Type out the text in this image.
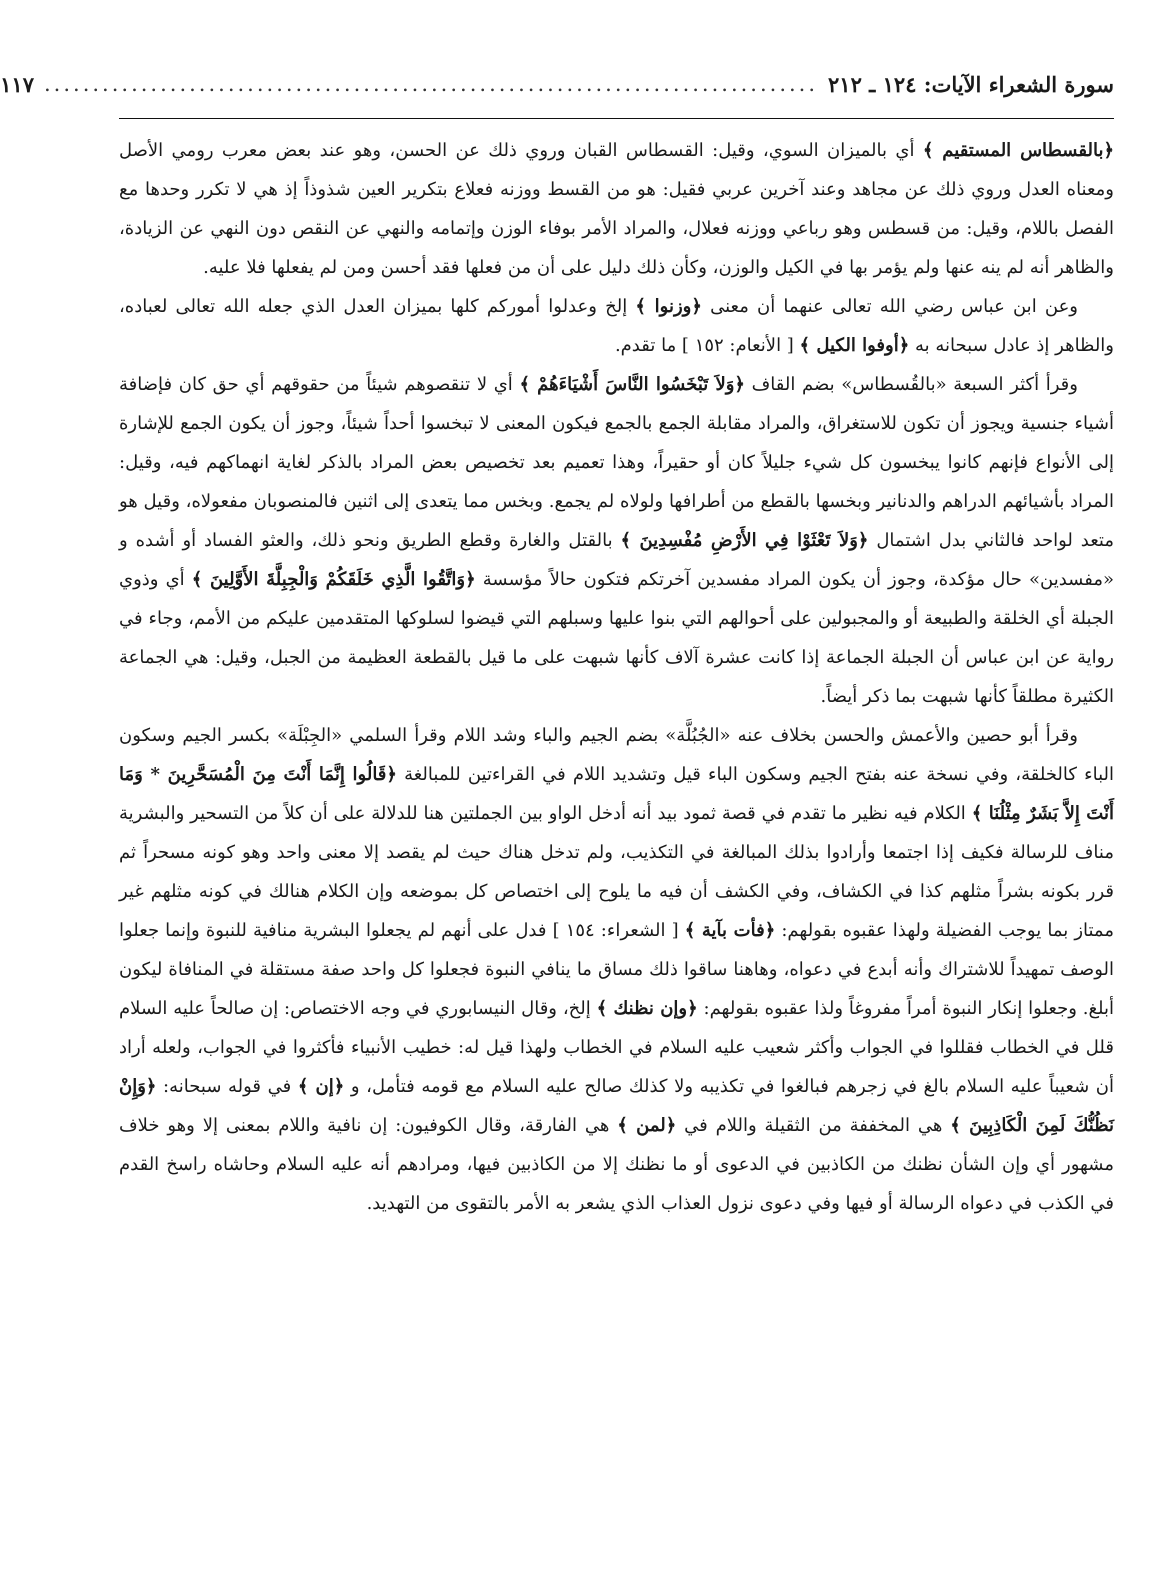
سورة الشعراء الآيات: ١٢٤ ـ ٢١٢
................................................................................
١١٧

﴿بالقسطاس المستقيم ﴾ أي بالميزان السوي، وقيل: القسطاس القبان وروي ذلك عن الحسن، وهو عند بعض معرب رومي الأصل ومعناه العدل وروي ذلك عن مجاهد وعند آخرين عربي فقيل: هو من القسط ووزنه فعلاع بتكرير العين شذوذاً إذ هي لا تكرر وحدها مع الفصل باللام، وقيل: من قسطس وهو رباعي ووزنه فعلال، والمراد الأمر بوفاء الوزن وإتمامه والنهي عن النقص دون النهي عن الزيادة، والظاهر أنه لم ينه عنها ولم يؤمر بها في الكيل والوزن، وكأن ذلك دليل على أن من فعلها فقد أحسن ومن لم يفعلها فلا عليه.

وعن ابن عباس رضي الله تعالى عنهما أن معنى ﴿وزنوا ﴾ إلخ وعدلوا أموركم كلها بميزان العدل الذي جعله الله تعالى لعباده، والظاهر إذ عادل سبحانه به ﴿أوفوا الكيل ﴾ [ الأنعام: ١٥٢ ] ما تقدم.

وقرأ أكثر السبعة «بالقُسطاس» بضم القاف ﴿وَلاَ تَبْخَسُوا النَّاسَ أَشْيَاءَهُمْ ﴾ أي لا تنقصوهم شيئاً من حقوقهم أي حق كان فإضافة أشياء جنسية ويجوز أن تكون للاستغراق، والمراد مقابلة الجمع بالجمع فيكون المعنى لا تبخسوا أحداً شيئاً، وجوز أن يكون الجمع للإشارة إلى الأنواع فإنهم كانوا يبخسون كل شيء جليلاً كان أو حقيراً، وهذا تعميم بعد تخصيص بعض المراد بالذكر لغاية انهماكهم فيه، وقيل: المراد بأشيائهم الدراهم والدنانير وبخسها بالقطع من أطرافها ولولاه لم يجمع. وبخس مما يتعدى إلى اثنين فالمنصوبان مفعولاه، وقيل هو متعد لواحد فالثاني بدل اشتمال ﴿وَلاَ تَعْثَوْا فِي الأَرْضِ مُفْسِدِينَ ﴾ بالقتل والغارة وقطع الطريق ونحو ذلك، والعثو الفساد أو أشده و «مفسدين» حال مؤكدة، وجوز أن يكون المراد مفسدين آخرتكم فتكون حالاً مؤسسة ﴿وَاتَّقُوا الَّذِي خَلَقَكُمْ وَالْجِبِلَّةَ الأَوَّلِينَ ﴾ أي وذوي الجبلة أي الخلقة والطبيعة أو والمجبولين على أحوالهم التي بنوا عليها وسبلهم التي قيضوا لسلوكها المتقدمين عليكم من الأمم، وجاء في رواية عن ابن عباس أن الجبلة الجماعة إذا كانت عشرة آلاف كأنها شبهت على ما قيل بالقطعة العظيمة من الجبل، وقيل: هي الجماعة الكثيرة مطلقاً كأنها شبهت بما ذكر أيضاً.

وقرأ أبو حصين والأعمش والحسن بخلاف عنه «الجُبُلَّة» بضم الجيم والباء وشد اللام وقرأ السلمي «الجِبْلَة» بكسر الجيم وسكون الباء كالخلقة، وفي نسخة عنه بفتح الجيم وسكون الباء قيل وتشديد اللام في القراءتين للمبالغة ﴿قَالُوا إِنَّمَا أَنْتَ مِنَ الْمُسَحَّرِينَ * وَمَا أَنْتَ إِلاَّ بَشَرٌ مِثْلُنَا ﴾ الكلام فيه نظير ما تقدم في قصة ثمود بيد أنه أدخل الواو بين الجملتين هنا للدلالة على أن كلاً من التسحير والبشرية مناف للرسالة فكيف إذا اجتمعا وأرادوا بذلك المبالغة في التكذيب، ولم تدخل هناك حيث لم يقصد إلا معنى واحد وهو كونه مسحراً ثم قرر بكونه بشراً مثلهم كذا في الكشاف، وفي الكشف أن فيه ما يلوح إلى اختصاص كل بموضعه وإن الكلام هنالك في كونه مثلهم غير ممتاز بما يوجب الفضيلة ولهذا عقبوه بقولهم: ﴿فأت بآية ﴾ [ الشعراء: ١٥٤ ] فدل على أنهم لم يجعلوا البشرية منافية للنبوة وإنما جعلوا الوصف تمهيداً للاشتراك وأنه أبدع في دعواه، وهاهنا ساقوا ذلك مساق ما ينافي النبوة فجعلوا كل واحد صفة مستقلة في المنافاة ليكون أبلغ. وجعلوا إنكار النبوة أمراً مفروغاً ولذا عقبوه بقولهم: ﴿وإن نظنك ﴾ إلخ، وقال النيسابوري في وجه الاختصاص: إن صالحاً عليه السلام قلل في الخطاب فقللوا في الجواب وأكثر شعيب عليه السلام في الخطاب ولهذا قيل له: خطيب الأنبياء فأكثروا في الجواب، ولعله أراد أن شعيباً عليه السلام بالغ في زجرهم فبالغوا في تكذيبه ولا كذلك صالح عليه السلام مع قومه فتأمل، و ﴿إن ﴾ في قوله سبحانه: ﴿وَإِنْ نَظُنُّكَ لَمِنَ الْكَاذِبِينَ ﴾ هي المخففة من الثقيلة واللام في ﴿لمن ﴾ هي الفارقة، وقال الكوفيون: إن نافية واللام بمعنى إلا وهو خلاف مشهور أي وإن الشأن نظنك من الكاذبين في الدعوى أو ما نظنك إلا من الكاذبين فيها، ومرادهم أنه عليه السلام وحاشاه راسخ القدم في الكذب في دعواه الرسالة أو فيها وفي دعوى نزول العذاب الذي يشعر به الأمر بالتقوى من التهديد.
